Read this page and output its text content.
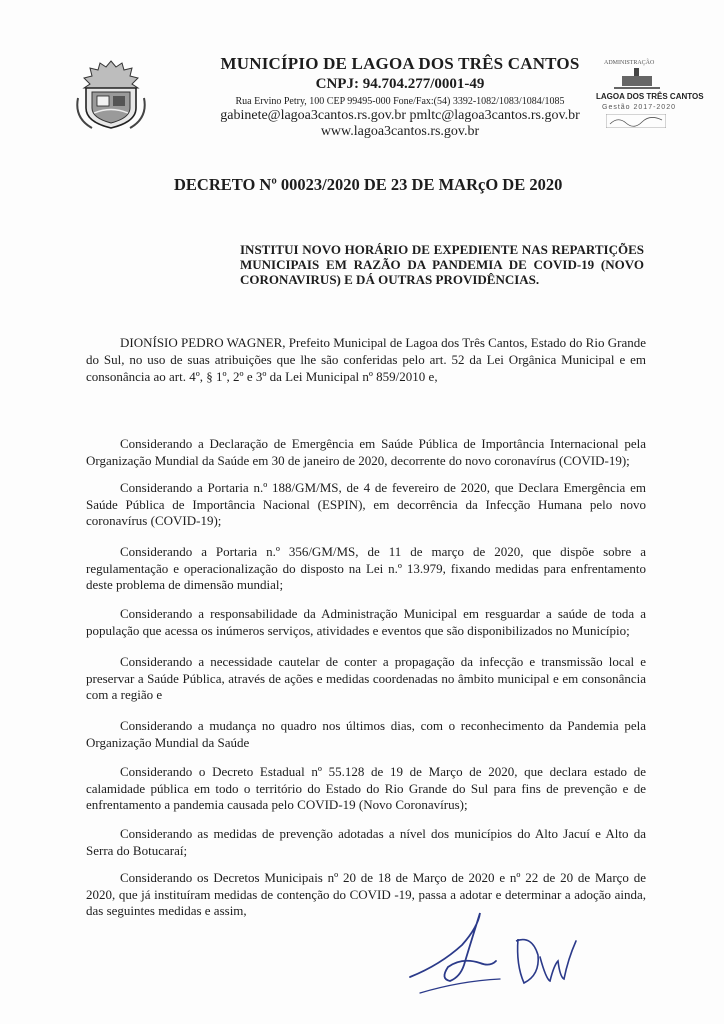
MUNICÍPIO DE LAGOA DOS TRÊS CANTOS
CNPJ: 94.704.277/0001-49
Rua Ervino Petry, 100 CEP 99495-000 Fone/Fax:(54) 3392-1082/1083/1084/1085
gabinete@lagoa3cantos.rs.gov.br pmltc@lagoa3cantos.rs.gov.br
www.lagoa3cantos.rs.gov.br
ADMINISTRAÇÃO
LAGOA DOS TRÊS CANTOS
Gestão 2017-2020
DECRETO Nº 00023/2020 DE 23 DE MARçO DE 2020
INSTITUI NOVO HORÁRIO DE EXPEDIENTE NAS REPARTIÇÕES MUNICIPAIS EM RAZÃO DA PANDEMIA DE COVID-19 (NOVO CORONAVIRUS) E DÁ OUTRAS PROVIDÊNCIAS.
DIONÍSIO PEDRO WAGNER, Prefeito Municipal de Lagoa dos Três Cantos, Estado do Rio Grande do Sul, no uso de suas atribuições que lhe são conferidas pelo art. 52 da Lei Orgânica Municipal e em consonância ao art. 4º, § 1º, 2º e 3º da Lei Municipal nº 859/2010 e,
Considerando a Declaração de Emergência em Saúde Pública de Importância Internacional pela Organização Mundial da Saúde em 30 de janeiro de 2020, decorrente do novo coronavírus (COVID-19);
Considerando a Portaria n.º 188/GM/MS, de 4 de fevereiro de 2020, que Declara Emergência em Saúde Pública de Importância Nacional (ESPIN), em decorrência da Infecção Humana pelo novo coronavírus (COVID-19);
Considerando a Portaria n.º 356/GM/MS, de 11 de março de 2020, que dispõe sobre a regulamentação e operacionalização do disposto na Lei n.º 13.979, fixando medidas para enfrentamento deste problema de dimensão mundial;
Considerando a responsabilidade da Administração Municipal em resguardar a saúde de toda a população que acessa os inúmeros serviços, atividades e eventos que são disponibilizados no Município;
Considerando a necessidade cautelar de conter a propagação da infecção e transmissão local e preservar a Saúde Pública, através de ações e medidas coordenadas no âmbito municipal e em consonância com a região e
Considerando a mudança no quadro nos últimos dias, com o reconhecimento da Pandemia pela Organização Mundial da Saúde
Considerando o Decreto Estadual nº 55.128 de 19 de Março de 2020, que declara estado de calamidade pública em todo o território do Estado do Rio Grande do Sul para fins de prevenção e de enfrentamento a pandemia causada pelo COVID-19 (Novo Coronavírus);
Considerando as medidas de prevenção adotadas a nível dos municípios do Alto Jacuí e Alto da Serra do Botucaraí;
Considerando os Decretos Municipais nº 20 de 18 de Março de 2020 e nº 22 de 20 de Março de 2020, que já instituíram medidas de contenção do COVID -19, passa a adotar e determinar a adoção ainda, das seguintes medidas e assim,
